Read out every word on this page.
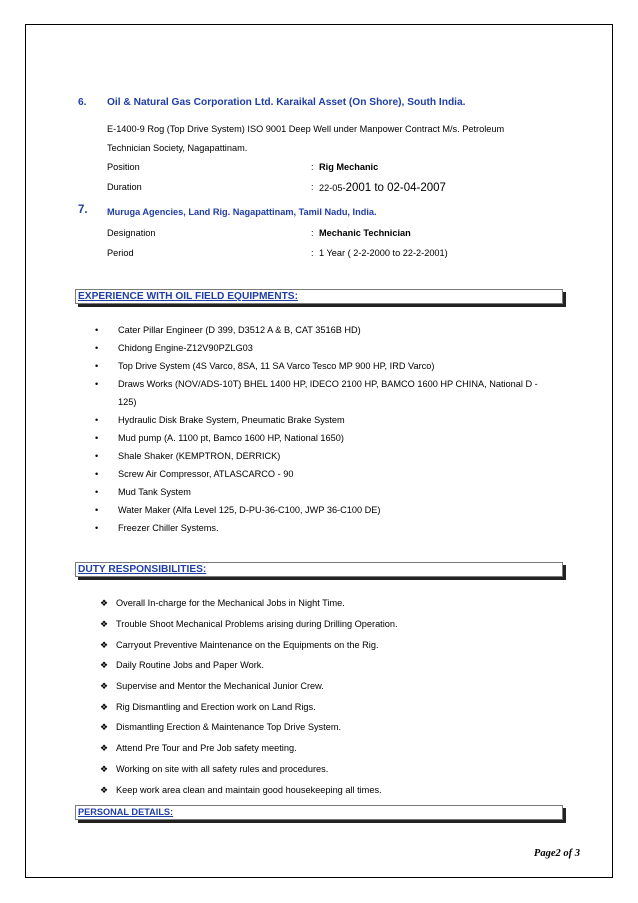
6. Oil & Natural Gas Corporation Ltd. Karaikal Asset (On Shore), South India.
E-1400-9 Rog (Top Drive System) ISO 9001 Deep Well under Manpower Contract M/s. Petroleum
Technician Society, Nagapattinam.
Position	: Rig Mechanic
Duration	: 22-05-2001 to 02-04-2007
7. Muruga Agencies, Land Rig. Nagapattinam, Tamil Nadu, India.
Designation	: Mechanic Technician
Period	: 1 Year ( 2-2-2000 to 22-2-2001)
EXPERIENCE WITH OIL FIELD EQUIPMENTS:
• Cater Pillar Engineer (D 399, D3512 A & B, CAT 3516B HD)
• Chidong Engine-Z12V90PZLG03
• Top Drive System (4S Varco, 8SA, 11 SA Varco Tesco MP 900 HP, IRD Varco)
• Draws Works (NOV/ADS-10T) BHEL 1400 HP, IDECO 2100 HP, BAMCO 1600 HP CHINA, National D -
125)
• Hydraulic Disk Brake System, Pneumatic Brake System
• Mud pump (A. 1100 pt, Bamco 1600 HP, National 1650)
• Shale Shaker (KEMPTRON, DERRICK)
• Screw Air Compressor, ATLASCARCO - 90
• Mud Tank System
• Water Maker (Alfa Level 125, D-PU-36-C100, JWP 36-C100 DE)
• Freezer Chiller Systems.
DUTY RESPONSIBILITIES:
❖ Overall In-charge for the Mechanical Jobs in Night Time.
❖ Trouble Shoot Mechanical Problems arising during Drilling Operation.
❖ Carryout Preventive Maintenance on the Equipments on the Rig.
❖ Daily Routine Jobs and Paper Work.
❖ Supervise and Mentor the Mechanical Junior Crew.
❖ Rig Dismantling and Erection work on Land Rigs.
❖ Dismantling Erection & Maintenance Top Drive System.
❖ Attend Pre Tour and Pre Job safety meeting.
❖ Working on site with all safety rules and procedures.
❖ Keep work area clean and maintain good housekeeping all times.
PERSONAL DETAILS:
Page2 of 3
